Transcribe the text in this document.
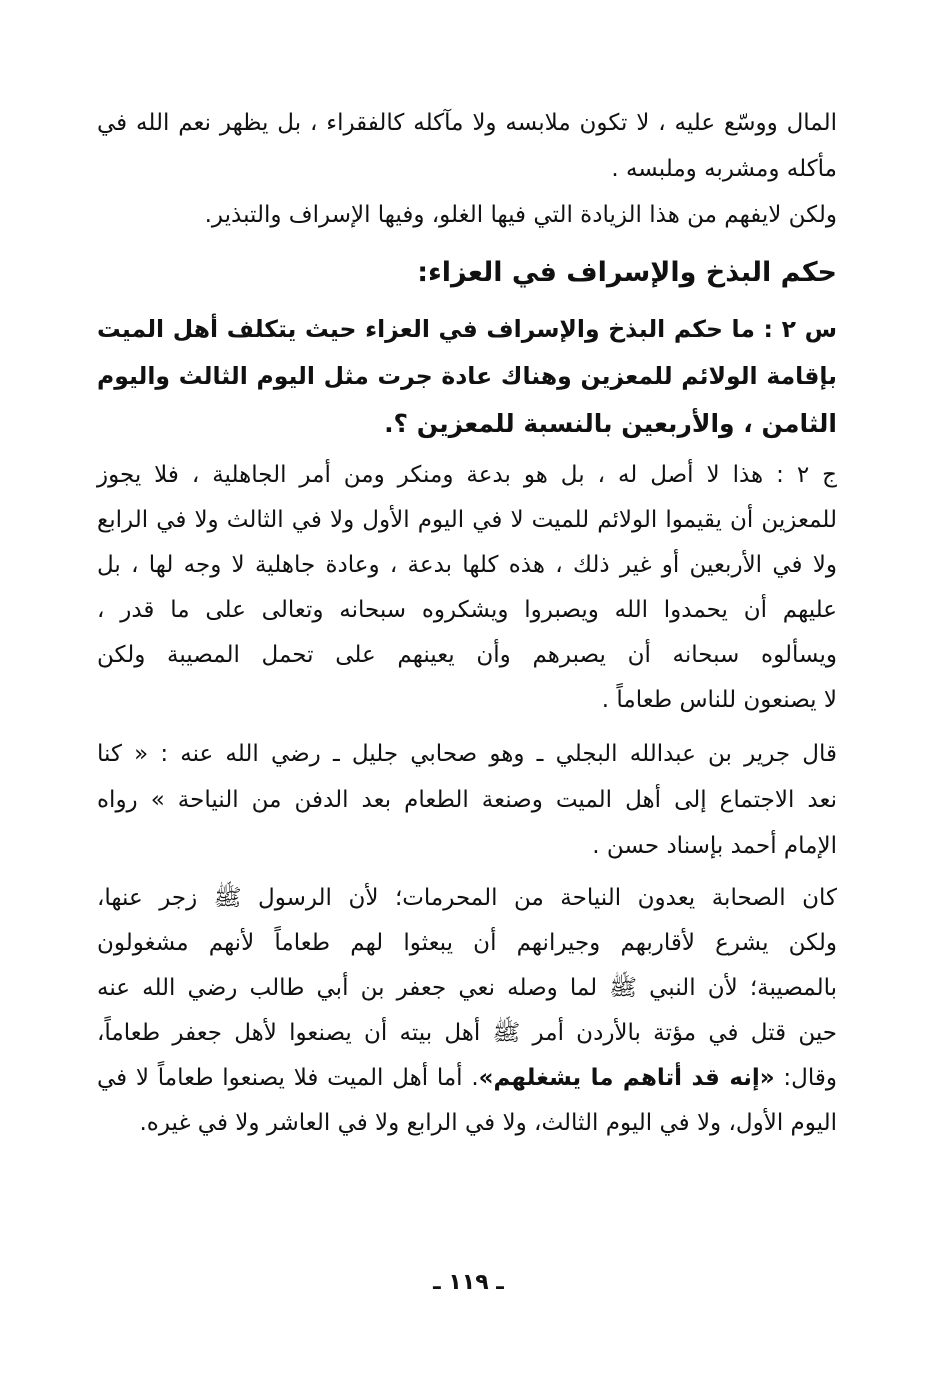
المال ووسّع عليه ، لا تكون ملابسه ولا مآكله كالفقراء ، بل يظهر نعم الله في
مأكله ومشربه وملبسه .
ولكن لايفهم من هذا الزيادة التي فيها الغلو، وفيها الإسراف والتبذير.
حكم البذخ والإسراف في العزاء:
س ٢ : ما حكم البذخ والإسراف في العزاء حيث يتكلف أهل الميت
بإقامة الولائم للمعزين وهناك عادة جرت مثل اليوم الثالث واليوم
الثامن ، والأربعين بالنسبة للمعزين ؟.
ج ٢ : هذا لا أصل له ، بل هو بدعة ومنكر ومن أمر الجاهلية ، فلا يجوز
للمعزين أن يقيموا الولائم للميت لا في اليوم الأول ولا في الثالث ولا في الرابع
ولا في الأربعين أو غير ذلك ، هذه كلها بدعة ، وعادة جاهلية لا وجه لها ، بل
عليهم أن يحمدوا الله ويصبروا ويشكروه سبحانه وتعالى على ما قدر ،
ويسألوه سبحانه أن يصبرهم وأن يعينهم على تحمل المصيبة ولكن
لا يصنعون للناس طعاماً .
قال جرير بن عبدالله البجلي ـ وهو صحابي جليل ـ رضي الله عنه : « كنا
نعد الاجتماع إلى أهل الميت وصنعة الطعام بعد الدفن من النياحة » رواه
الإمام أحمد بإسناد حسن .
كان الصحابة يعدون النياحة من المحرمات؛ لأن الرسول ﷺ زجر عنها،
ولكن يشرع لأقاربهم وجيرانهم أن يبعثوا لهم طعاماً لأنهم مشغولون
بالمصيبة؛ لأن النبي ﷺ لما وصله نعي جعفر بن أبي طالب رضي الله عنه
حين قتل في مؤتة بالأردن أمر ﷺ أهل بيته أن يصنعوا لأهل جعفر طعاماً،
وقال: «إنه قد أتاهم ما يشغلهم». أما أهل الميت فلا يصنعوا طعاماً لا في
اليوم الأول، ولا في اليوم الثالث، ولا في الرابع ولا في العاشر ولا في غيره.
ـ ١١٩ ـ
